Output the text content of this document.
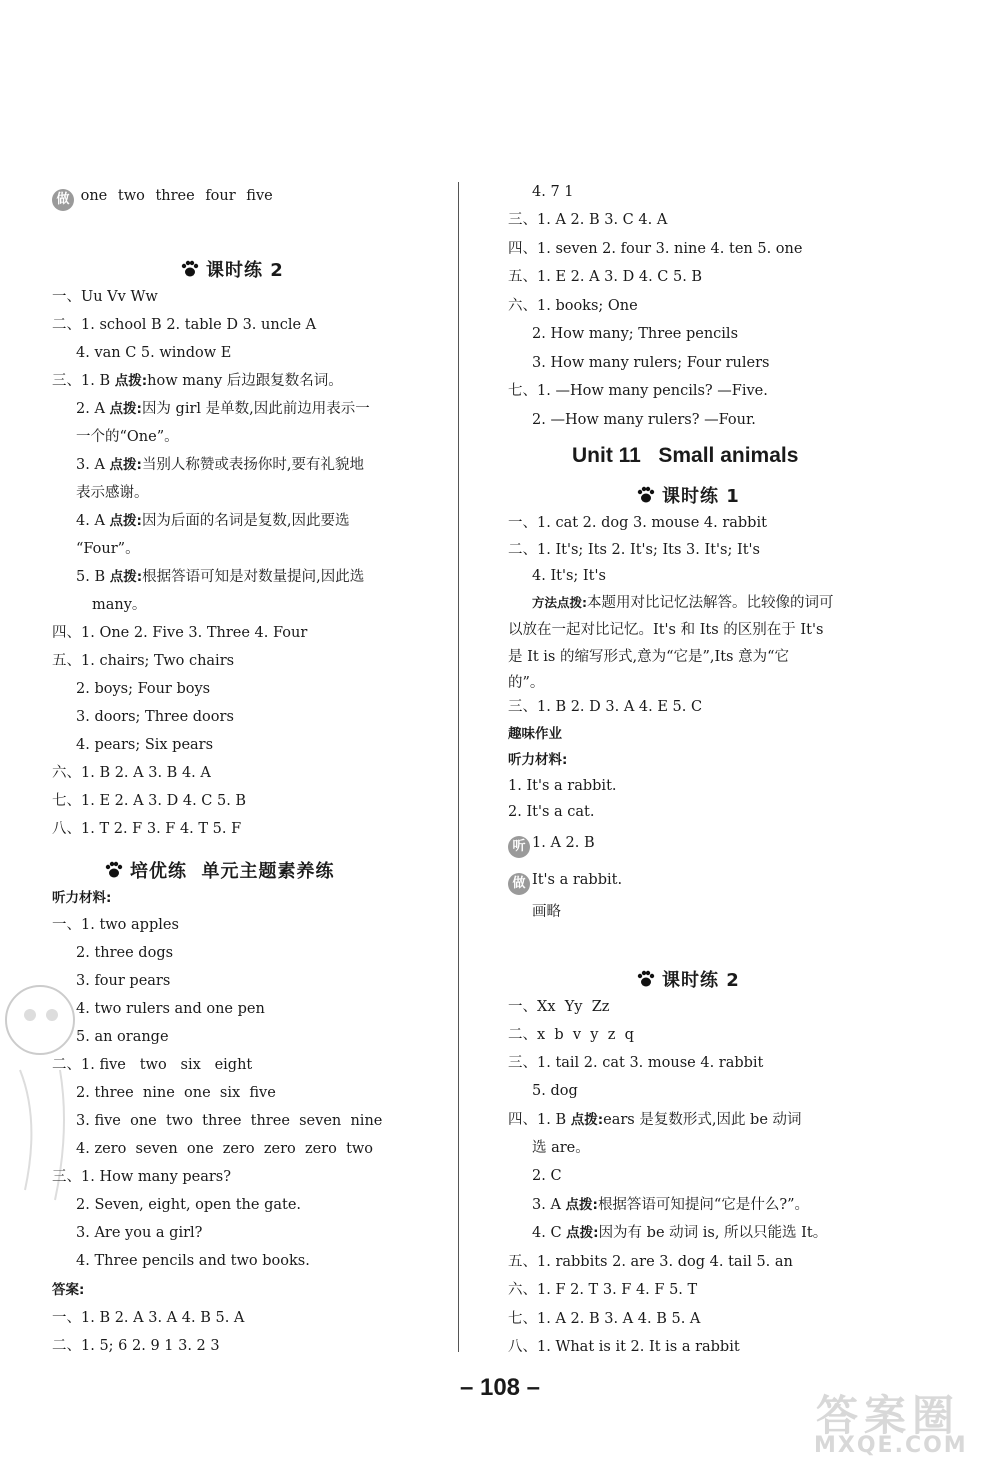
做 one two three four five
课时练 2
一、Uu Vv Ww
二、1. school B 2. table D 3. uncle A
4. van C 5. window E
三、1. B 点拨:how many 后边跟复数名词。
2. A 点拨:因为 girl 是单数,因此前边用表示一
一个的“One”。
3. A 点拨:当别人称赞或表扬你时,要有礼貌地
表示感谢。
4. A 点拨:因为后面的名词是复数,因此要选
“Four”。
5. B 点拨:根据答语可知是对数量提问,因此选
many。
四、1. One 2. Five 3. Three 4. Four
五、1. chairs; Two chairs
2. boys; Four boys
3. doors; Three doors
4. pears; Six pears
六、1. B 2. A 3. B 4. A
七、1. E 2. A 3. D 4. C 5. B
八、1. T 2. F 3. F 4. T 5. F
培优练  单元主题素养练
听力材料:
一、1. two apples
2. three dogs
3. four pears
4. two rulers and one pen
5. an orange
二、1. five   two   six   eight
2. three  nine  one  six  five
3. five  one  two  three  three  seven  nine
4. zero  seven  one  zero  zero  zero  two
三、1. How many pears?
2. Seven, eight, open the gate.
3. Are you a girl?
4. Three pencils and two books.
答案:
一、1. B 2. A 3. A 4. B 5. A
二、1. 5; 6 2. 9 1 3. 2 3
4. 7 1
三、1. A 2. B 3. C 4. A
四、1. seven 2. four 3. nine 4. ten 5. one
五、1. E 2. A 3. D 4. C 5. B
六、1. books; One
2. How many; Three pencils
3. How many rulers; Four rulers
七、1. —How many pencils? —Five.
2. —How many rulers? —Four.
Unit 11   Small animals
课时练 1
一、1. cat 2. dog 3. mouse 4. rabbit
二、1. It's; Its 2. It's; Its 3. It's; It's
4. It's; It's
方法点拨:本题用对比记忆法解答。比较像的词可
以放在一起对比记忆。It's 和 Its 的区别在于 It's
是 It is 的缩写形式,意为“它是”,Its 意为“它
的”。
三、1. B 2. D 3. A 4. E 5. C
趣味作业
听力材料:
1. It's a rabbit.
2. It's a cat.
听 1. A 2. B
做 It's a rabbit.
画略
课时练 2
一、Xx  Yy  Zz
二、x  b  v  y  z  q
三、1. tail 2. cat 3. mouse 4. rabbit
5. dog
四、1. B 点拨:ears 是复数形式,因此 be 动词
选 are。
2. C
3. A 点拨:根据答语可知提问“它是什么?”。
4. C 点拨:因为有 be 动词 is, 所以只能选 It。
五、1. rabbits 2. are 3. dog 4. tail 5. an
六、1. F 2. T 3. F 4. F 5. T
七、1. A 2. B 3. A 4. B 5. A
八、1. What is it 2. It is a rabbit
– 108 –
答案圈
MXQE.COM
